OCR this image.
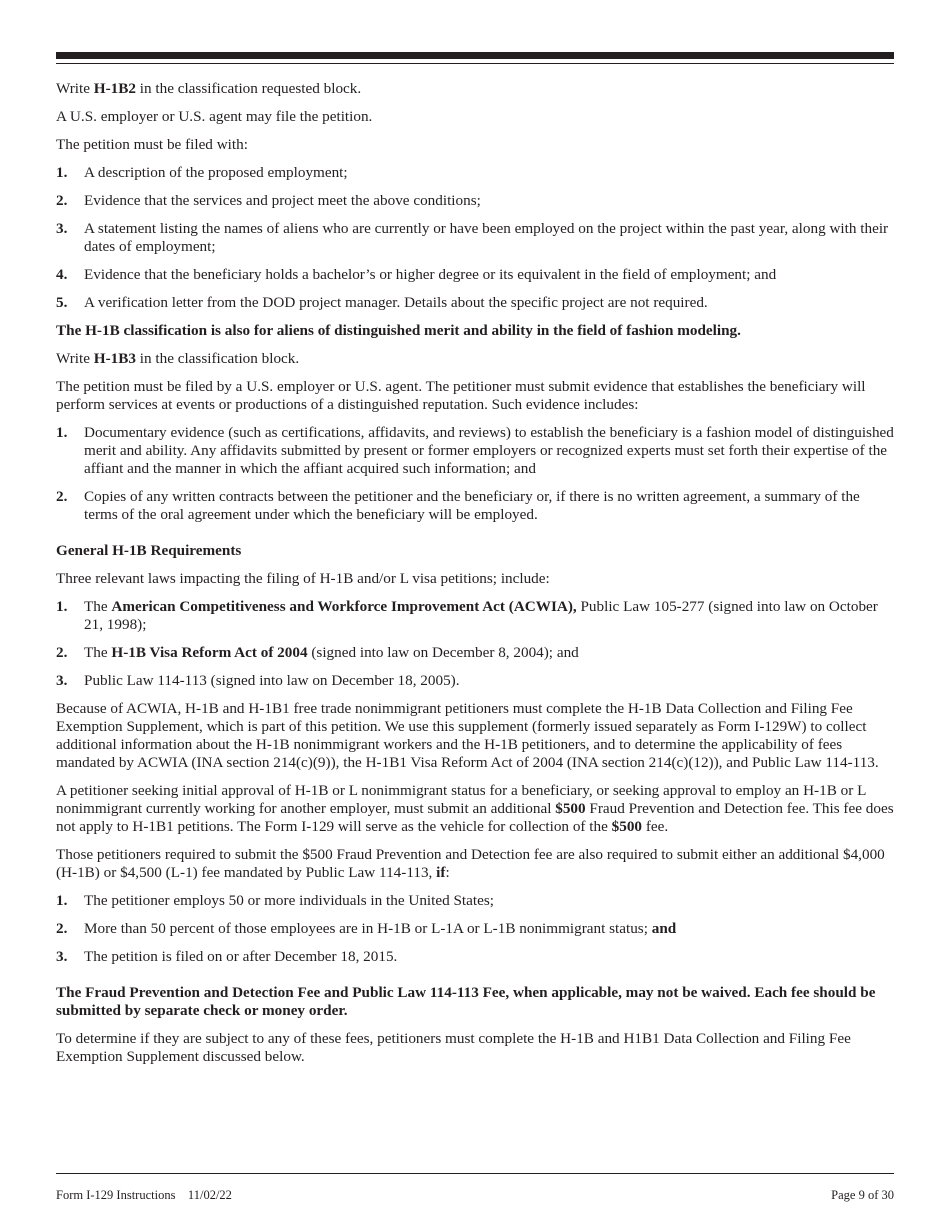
Write H-1B2 in the classification requested block.

A U.S. employer or U.S. agent may file the petition.

The petition must be filed with:

1.	A description of the proposed employment;
2.	Evidence that the services and project meet the above conditions;
3.	A statement listing the names of aliens who are currently or have been employed on the project within the past year, along with their dates of employment;
4.	Evidence that the beneficiary holds a bachelor’s or higher degree or its equivalent in the field of employment; and
5.	A verification letter from the DOD project manager. Details about the specific project are not required.

The H-1B classification is also for aliens of distinguished merit and ability in the field of fashion modeling.

Write H-1B3 in the classification block.

The petition must be filed by a U.S. employer or U.S. agent. The petitioner must submit evidence that establishes the beneficiary will perform services at events or productions of a distinguished reputation. Such evidence includes:

1.	Documentary evidence (such as certifications, affidavits, and reviews) to establish the beneficiary is a fashion model of distinguished merit and ability. Any affidavits submitted by present or former employers or recognized experts must set forth their expertise of the affiant and the manner in which the affiant acquired such information; and
2.	Copies of any written contracts between the petitioner and the beneficiary or, if there is no written agreement, a summary of the terms of the oral agreement under which the beneficiary will be employed.

General H-1B Requirements

Three relevant laws impacting the filing of H-1B and/or L visa petitions; include:

1.	The American Competitiveness and Workforce Improvement Act (ACWIA), Public Law 105-277 (signed into law on October 21, 1998);
2.	The H-1B Visa Reform Act of 2004 (signed into law on December 8, 2004); and
3.	Public Law 114-113 (signed into law on December 18, 2005).

Because of ACWIA, H-1B and H-1B1 free trade nonimmigrant petitioners must complete the H-1B Data Collection and Filing Fee Exemption Supplement, which is part of this petition. We use this supplement (formerly issued separately as Form I-129W) to collect additional information about the H-1B nonimmigrant workers and the H-1B petitioners, and to determine the applicability of fees mandated by ACWIA (INA section 214(c)(9)), the H-1B1 Visa Reform Act of 2004 (INA section 214(c)(12)), and Public Law 114-113.

A petitioner seeking initial approval of H-1B or L nonimmigrant status for a beneficiary, or seeking approval to employ an H-1B or L nonimmigrant currently working for another employer, must submit an additional $500 Fraud Prevention and Detection fee. This fee does not apply to H-1B1 petitions. The Form I-129 will serve as the vehicle for collection of the $500 fee.

Those petitioners required to submit the $500 Fraud Prevention and Detection fee are also required to submit either an additional $4,000 (H-1B) or $4,500 (L-1) fee mandated by Public Law 114-113, if:

1.	The petitioner employs 50 or more individuals in the United States;
2.	More than 50 percent of those employees are in H-1B or L-1A or L-1B nonimmigrant status; and
3.	The petition is filed on or after December 18, 2015.

The Fraud Prevention and Detection Fee and Public Law 114-113 Fee, when applicable, may not be waived. Each fee should be submitted by separate check or money order.

To determine if they are subject to any of these fees, petitioners must complete the H-1B and H1B1 Data Collection and Filing Fee Exemption Supplement discussed below.

Form I-129 Instructions    11/02/22	Page 9 of 30
